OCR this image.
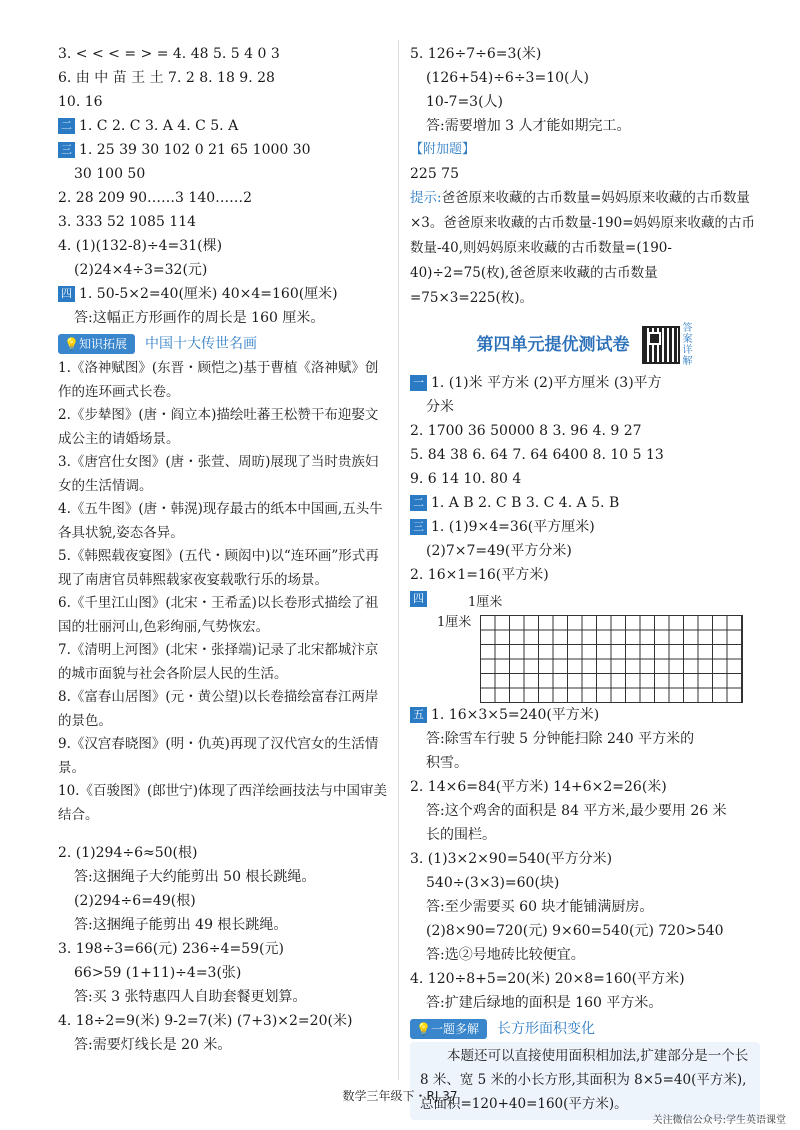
3. < < < = > = 4. 48 5. 5 4 0 3
6. 由 中 苗 王 土 7. 2 8. 18 9. 28
10. 16
二 1. C 2. C 3. A 4. C 5. A
三 1. 25 39 30 102 0 21 65 1000 30
30 100 50
2. 28 209 90……3 140……2
3. 333 52 1085 114
4. (1)(132-8)÷4=31(棵)
(2)24×4÷3=32(元)
四 1. 50-5×2=40(厘米) 40×4=160(厘米)
答:这幅正方形画作的周长是 160 厘米。
💡知识拓展	中国十大传世名画

1.《洛神赋图》(东晋・顾恺之)基于曹植《洛神赋》创作的连环画式长卷。

2.《步辇图》(唐・阎立本)描绘吐蕃王松赞干布迎娶文成公主的请婚场景。

3.《唐宫仕女图》(唐・张萱、周昉)展现了当时贵族妇女的生活情调。

4.《五牛图》(唐・韩滉)现存最古的纸本中国画,五头牛各具状貌,姿态各异。

5.《韩熙载夜宴图》(五代・顾闳中)以“连环画”形式再现了南唐官员韩熙载家夜宴载歌行乐的场景。

6.《千里江山图》(北宋・王希孟)以长卷形式描绘了祖国的壮丽河山,色彩绚丽,气势恢宏。

7.《清明上河图》(北宋・张择端)记录了北宋都城汴京的城市面貌与社会各阶层人民的生活。

8.《富春山居图》(元・黄公望)以长卷描绘富春江两岸的景色。

9.《汉宫春晓图》(明・仇英)再现了汉代宫女的生活情景。

10.《百骏图》(郎世宁)体现了西洋绘画技法与中国审美结合。

2. (1)294÷6≈50(根)
答:这捆绳子大约能剪出 50 根长跳绳。
(2)294÷6=49(根)
答:这捆绳子能剪出 49 根长跳绳。
3. 198÷3=66(元) 236÷4=59(元)
66>59 (1+11)÷4=3(张)
答:买 3 张特惠四人自助套餐更划算。
4. 18÷2=9(米) 9-2=7(米) (7+3)×2=20(米)
答:需要灯线长是 20 米。
5. 126÷7÷6=3(米)
(126+54)÷6÷3=10(人)
10-7=3(人)
答:需要增加 3 人才能如期完工。
【附加题】
225 75
提示:爸爸原来收藏的古币数量=妈妈原来收藏的古币数量×3。爸爸原来收藏的古币数量-190=妈妈原来收藏的古币数量-40,则妈妈原来收藏的古币数量=(190-40)÷2=75(枚),爸爸原来收藏的古币数量=75×3=225(枚)。
第四单元提优测试卷
答案详解
一 1. (1)米 平方米 (2)平方厘米 (3)平方
分米
2. 1700 36 50000 8 3. 96 4. 9 27
5. 84 38 6. 64 7. 64 6400 8. 10 5 13
9. 6 14 10. 80 4
二 1. A B 2. C B 3. C 4. A 5. B
三 1. (1)9×4=36(平方厘米)
(2)7×7=49(平方分米)
2. 16×1=16(平方米)
四	1厘米
1厘米
五 1. 16×3×5=240(平方米)
答:除雪车行驶 5 分钟能扫除 240 平方米的
积雪。
2. 14×6=84(平方米) 14+6×2=26(米)
答:这个鸡舍的面积是 84 平方米,最少要用 26 米
长的围栏。
3. (1)3×2×90=540(平方分米)
540÷(3×3)=60(块)
答:至少需要买 60 块才能铺满厨房。
(2)8×90=720(元) 9×60=540(元) 720>540
答:选②号地砖比较便宜。
4. 120÷8+5=20(米) 20×8=160(平方米)
答:扩建后绿地的面积是 160 平方米。
💡一题多解	长方形面积变化

本题还可以直接使用面积相加法,扩建部分是一个长 8 米、宽 5 米的小长方形,其面积为 8×5=40(平方米),总面积=120+40=160(平方米)。

数学三年级下・RJ 37
关注微信公众号:学生英语课堂
